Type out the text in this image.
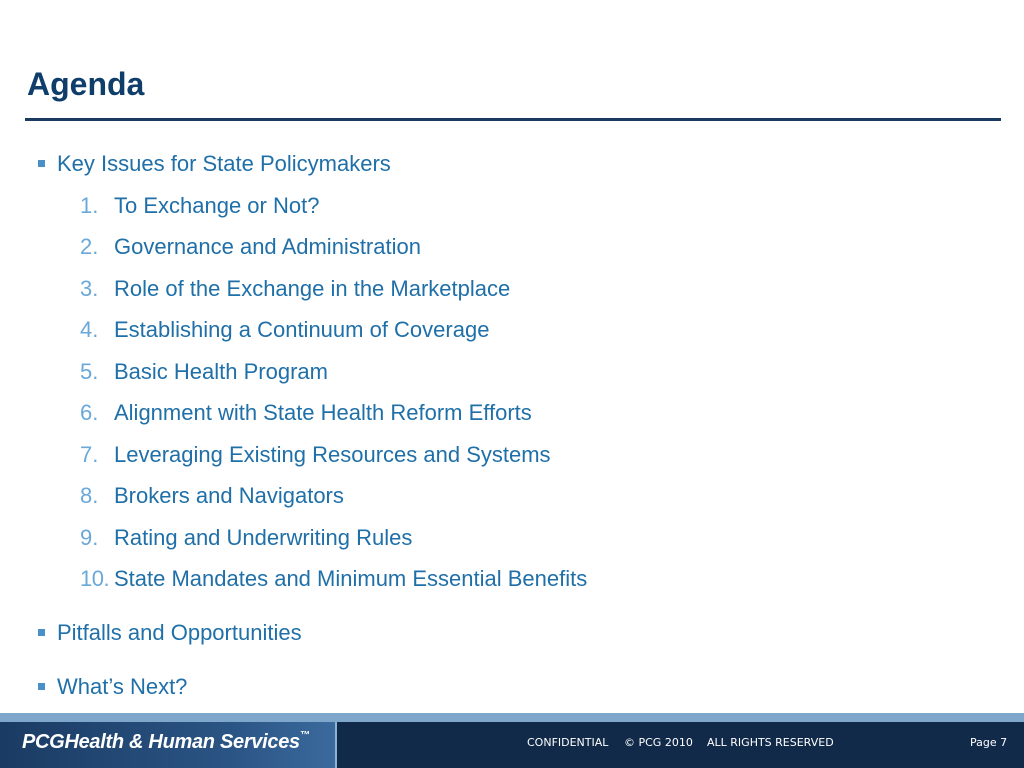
Agenda
Key Issues for State Policymakers
1. To Exchange or Not?
2. Governance and Administration
3. Role of the Exchange in the Marketplace
4. Establishing a Continuum of Coverage
5. Basic Health Program
6. Alignment with State Health Reform Efforts
7. Leveraging Existing Resources and Systems
8. Brokers and Navigators
9. Rating and Underwriting Rules
10. State Mandates and Minimum Essential Benefits
Pitfalls and Opportunities
What’s Next?
PCGHealth & Human Services™
CONFIDENTIAL © PCG 2010 ALL RIGHTS RESERVED	Page 7
